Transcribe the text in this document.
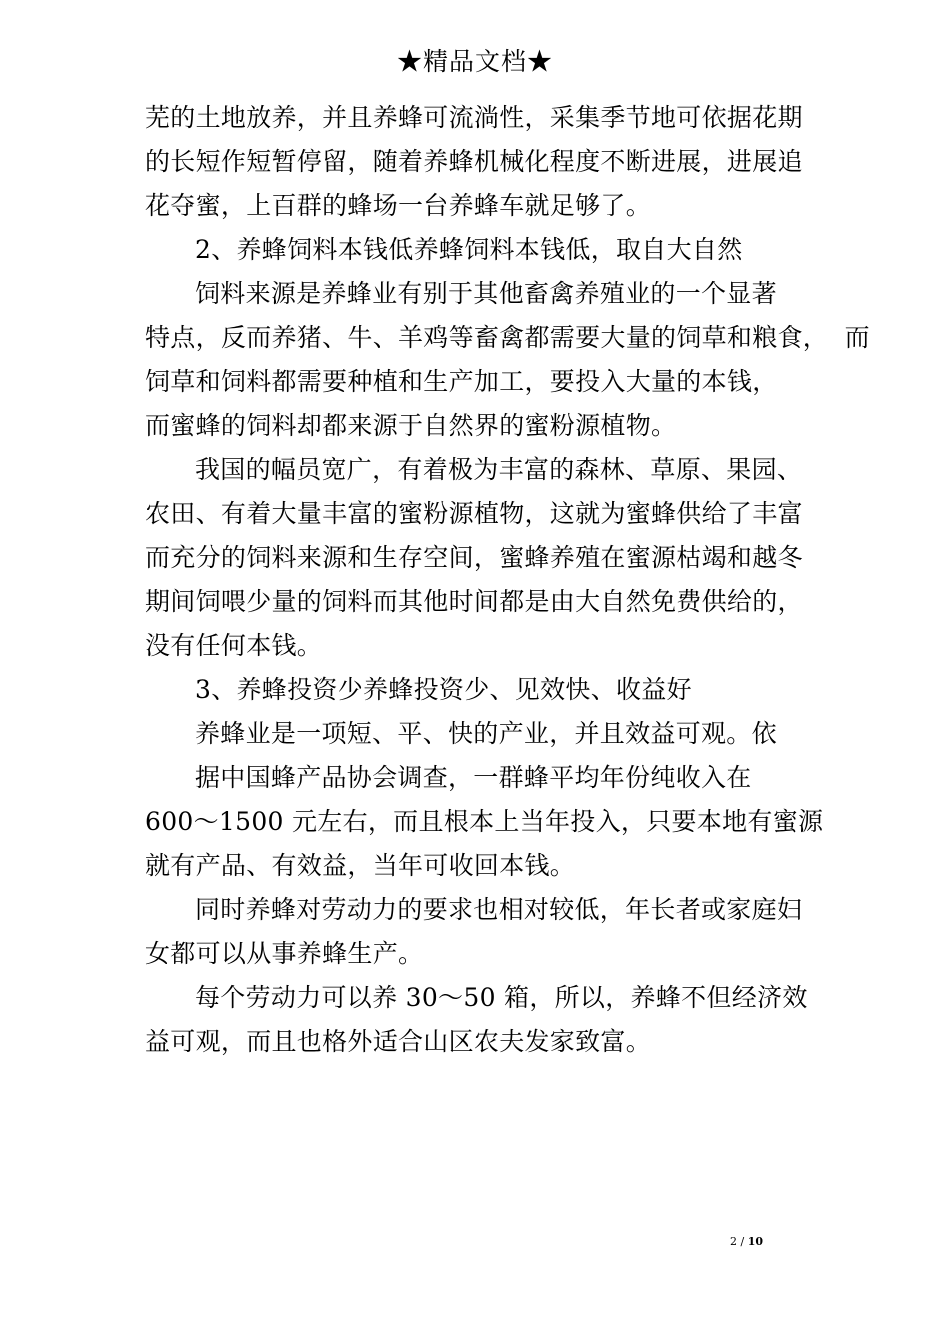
★精品文档★
芜的土地放养，并且养蜂可流淌性，采集季节地可依据花期
的长短作短暂停留，随着养蜂机械化程度不断进展，进展追
花夺蜜，上百群的蜂场一台养蜂车就足够了。
2、养蜂饲料本钱低养蜂饲料本钱低，取自大自然
饲料来源是养蜂业有别于其他畜禽养殖业的一个显著
特点，反而养猪、牛、羊鸡等畜禽都需要大量的饲草和粮食，  而
饲草和饲料都需要种植和生产加工，要投入大量的本钱，
而蜜蜂的饲料却都来源于自然界的蜜粉源植物。
我国的幅员宽广，有着极为丰富的森林、草原、果园、
农田、有着大量丰富的蜜粉源植物，这就为蜜蜂供给了丰富
而充分的饲料来源和生存空间，蜜蜂养殖在蜜源枯竭和越冬
期间饲喂少量的饲料而其他时间都是由大自然免费供给的，
没有任何本钱。
3、养蜂投资少养蜂投资少、见效快、收益好
养蜂业是一项短、平、快的产业，并且效益可观。依
据中国蜂产品协会调查，一群蜂平均年份纯收入在
600～1500 元左右，而且根本上当年投入，只要本地有蜜源
就有产品、有效益，当年可收回本钱。
同时养蜂对劳动力的要求也相对较低，年长者或家庭妇
女都可以从事养蜂生产。
每个劳动力可以养 30～50 箱，所以，养蜂不但经济效
益可观，而且也格外适合山区农夫发家致富。
2 / 10
